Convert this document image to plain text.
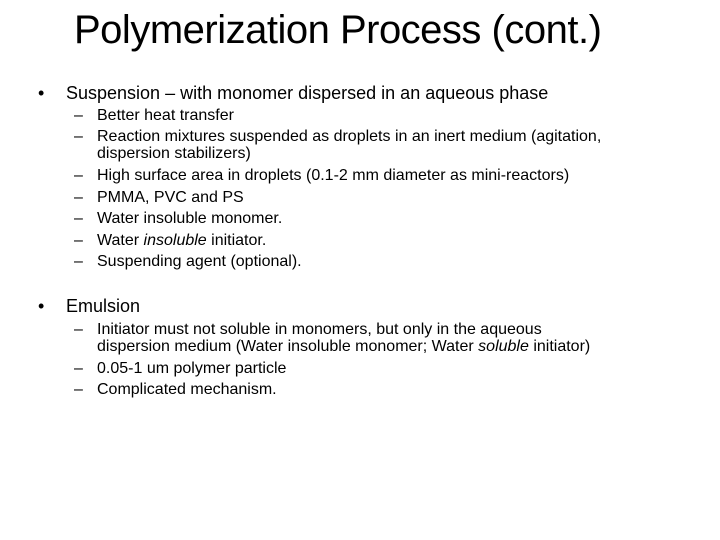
Polymerization Process (cont.)
•	Suspension – with monomer dispersed in an aqueous phase
– Better heat transfer
– Reaction mixtures suspended as droplets in an inert medium (agitation,
dispersion stabilizers)
– High surface area in droplets (0.1-2 mm diameter as mini-reactors)
– PMMA, PVC and PS
– Water insoluble monomer.
– Water insoluble initiator.
– Suspending agent (optional).
•	Emulsion
– Initiator must not soluble in monomers, but only in the aqueous
dispersion medium (Water insoluble monomer; Water soluble initiator)
– 0.05-1 um polymer particle
– Complicated mechanism.
